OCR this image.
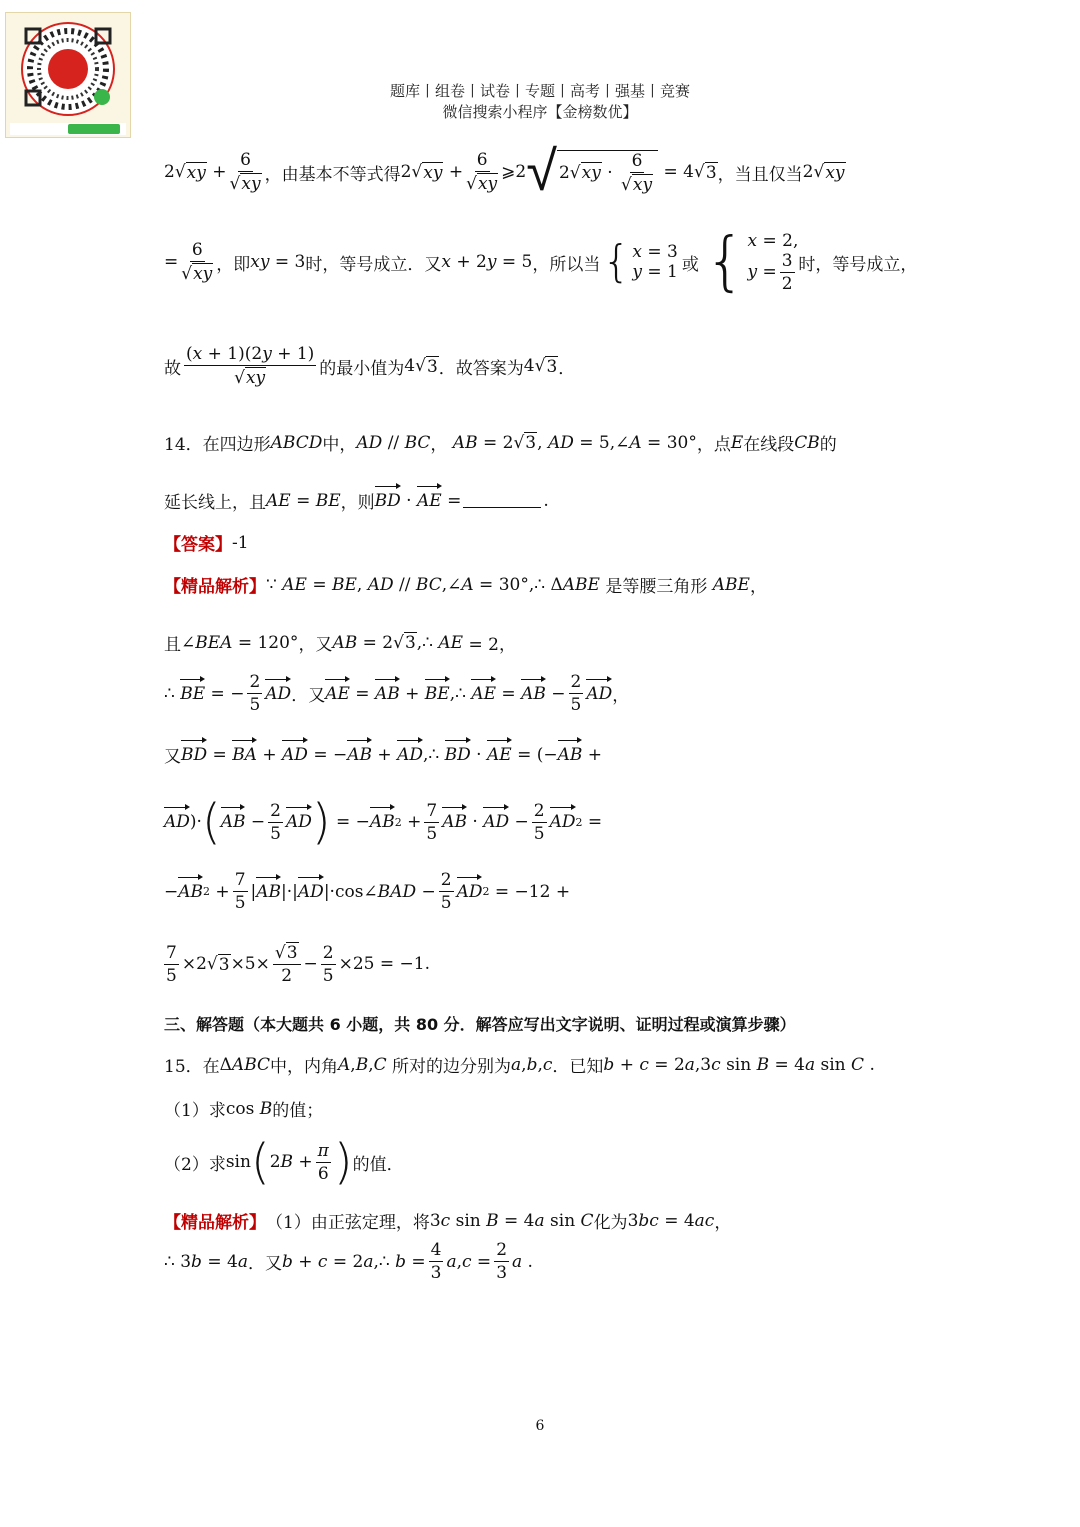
题库丨组卷丨试卷丨专题丨高考丨强基丨竞赛
微信搜索小程序【金榜数优】
2 √ xy + $\frac{6}{√xy}$ ，由基本不等式得 2 √ xy + $\frac{6}{√xy}$ ⩾2 √ 2 √ xy · $\frac{6}{√xy} = 4$ √ 3 ，当且仅当 2 √ xy
= $\frac{6}{√xy}$ ，即 xy = 3 时，等号成立．又 x + 2 y = 5 ，所以当 { x = 3
y = 1 或 { x = 2,
$y = \frac{3}{2}$ 时，等号成立，
故 $\frac{(x + 1)(2y + 1)}{√xy}$ 的最小值为 4 √ 3 ．故答案为 4 √ 3 ．
14．在四边形 ABCD 中， AD // BC ， AB = 2 √ 3 , AD = 5,∠ A = 30° ，点 E 在线段 CB 的
延长线上，且 AE = BE ，则 BD · AE =	.
【答案】 -1
【精品解析】 ∵ AE = BE , AD // BC ,∠ A = 30°,∴ Δ ABE
是等腰三角形
ABE ，
且 ∠ BEA = 120° ，又 AB = 2 √ 3 ,∴ AE = 2，
∴ BE = − $\frac{2}{5}$ AD ． 又 AE = AB + BE ,∴ AE = AB − $\frac{2}{5}$ AD ，
又 BD = BA + AD = − AB + AD ,∴ BD · AE = (− AB +
AD )· ( AB − $\frac{2}{5}$ AD ) = − AB $2 + \frac{7}{5}$ AB · AD − $\frac{2}{5}$ AD 2 =
− AB $2 + \frac{7}{5}$ | AB |·| AD |·cos∠ BAD − $\frac{2}{5}$ AD 2 = −12 +
$\frac{7}{5} \times 2$ √ $3 \times 5\times \frac{√3}{2} - \frac{2}{5} \times 25 = -1$.
三、解答题（本大题共 6 小题，共 80 分．解答应写出文字说明、证明过程或演算步骤）
15．在 Δ ABC 中，内角 A , B , C
所对的边分别为 a , b , c ．已知 b + c = 2 a ,3 c sin B = 4 a sin C .
（1）求 cos B 的值；
（2）求 sin ( 2 $B + \frac{\pi}{6}$ ) 的值．
【精品解析】 （1）由正弦定理，将 3 c sin B = 4 a sin C 化为 3 bc = 4 ac ，
∴ 3 b = 4 a ．又 b + c = 2 a ,∴ $b = \frac{4}{3}$ a , $c = \frac{2}{3}$ a .
6
